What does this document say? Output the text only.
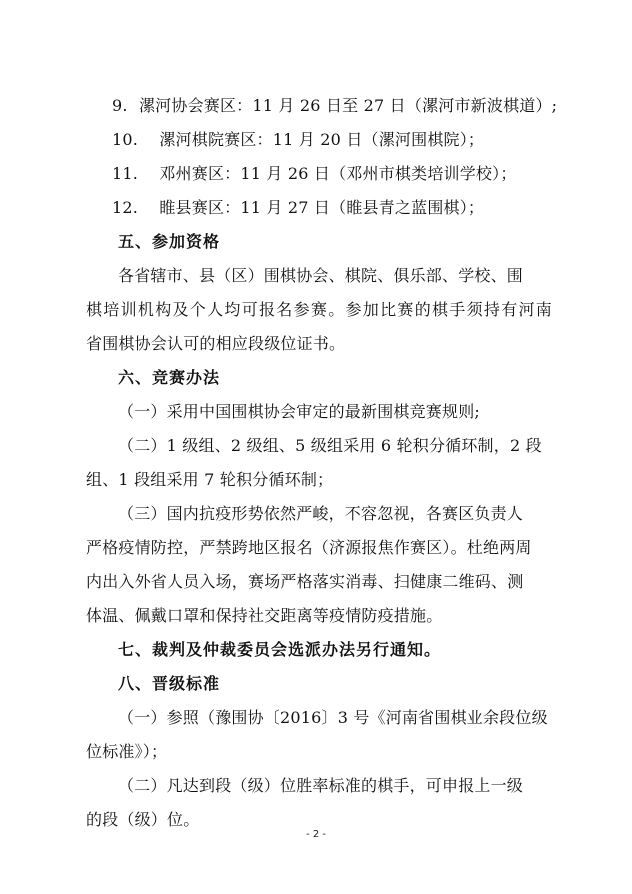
9. 漯河协会赛区：11 月 26 日至 27 日（漯河市新波棋道）;
10. 漯河棋院赛区：11 月 20 日（漯河围棋院）；
11. 邓州赛区：11 月 26 日（邓州市棋类培训学校）；
12. 睢县赛区：11 月 27 日（睢县青之蓝围棋）；
五、参加资格
各省辖市、县（区）围棋协会、棋院、俱乐部、学校、围
棋培训机构及个人均可报名参赛。参加比赛的棋手须持有河南
省围棋协会认可的相应段级位证书。
六、竞赛办法
（一）采用中国围棋协会审定的最新围棋竞赛规则;
（二）1 级组、2 级组、5 级组采用 6 轮积分循环制，2 段
组、1 段组采用 7 轮积分循环制；
（三）国内抗疫形势依然严峻，不容忽视，各赛区负责人
严格疫情防控，严禁跨地区报名（济源报焦作赛区）。杜绝两周
内出入外省人员入场，赛场严格落实消毒、扫健康二维码、测
体温、佩戴口罩和保持社交距离等疫情防疫措施。
七、裁判及仲裁委员会选派办法另行通知。
八、晋级标准
（一）参照（豫围协〔2016〕3 号《河南省围棋业余段位级
位标准》）；
（二）凡达到段（级）位胜率标准的棋手，可申报上一级
的段（级）位。
- 2 -
